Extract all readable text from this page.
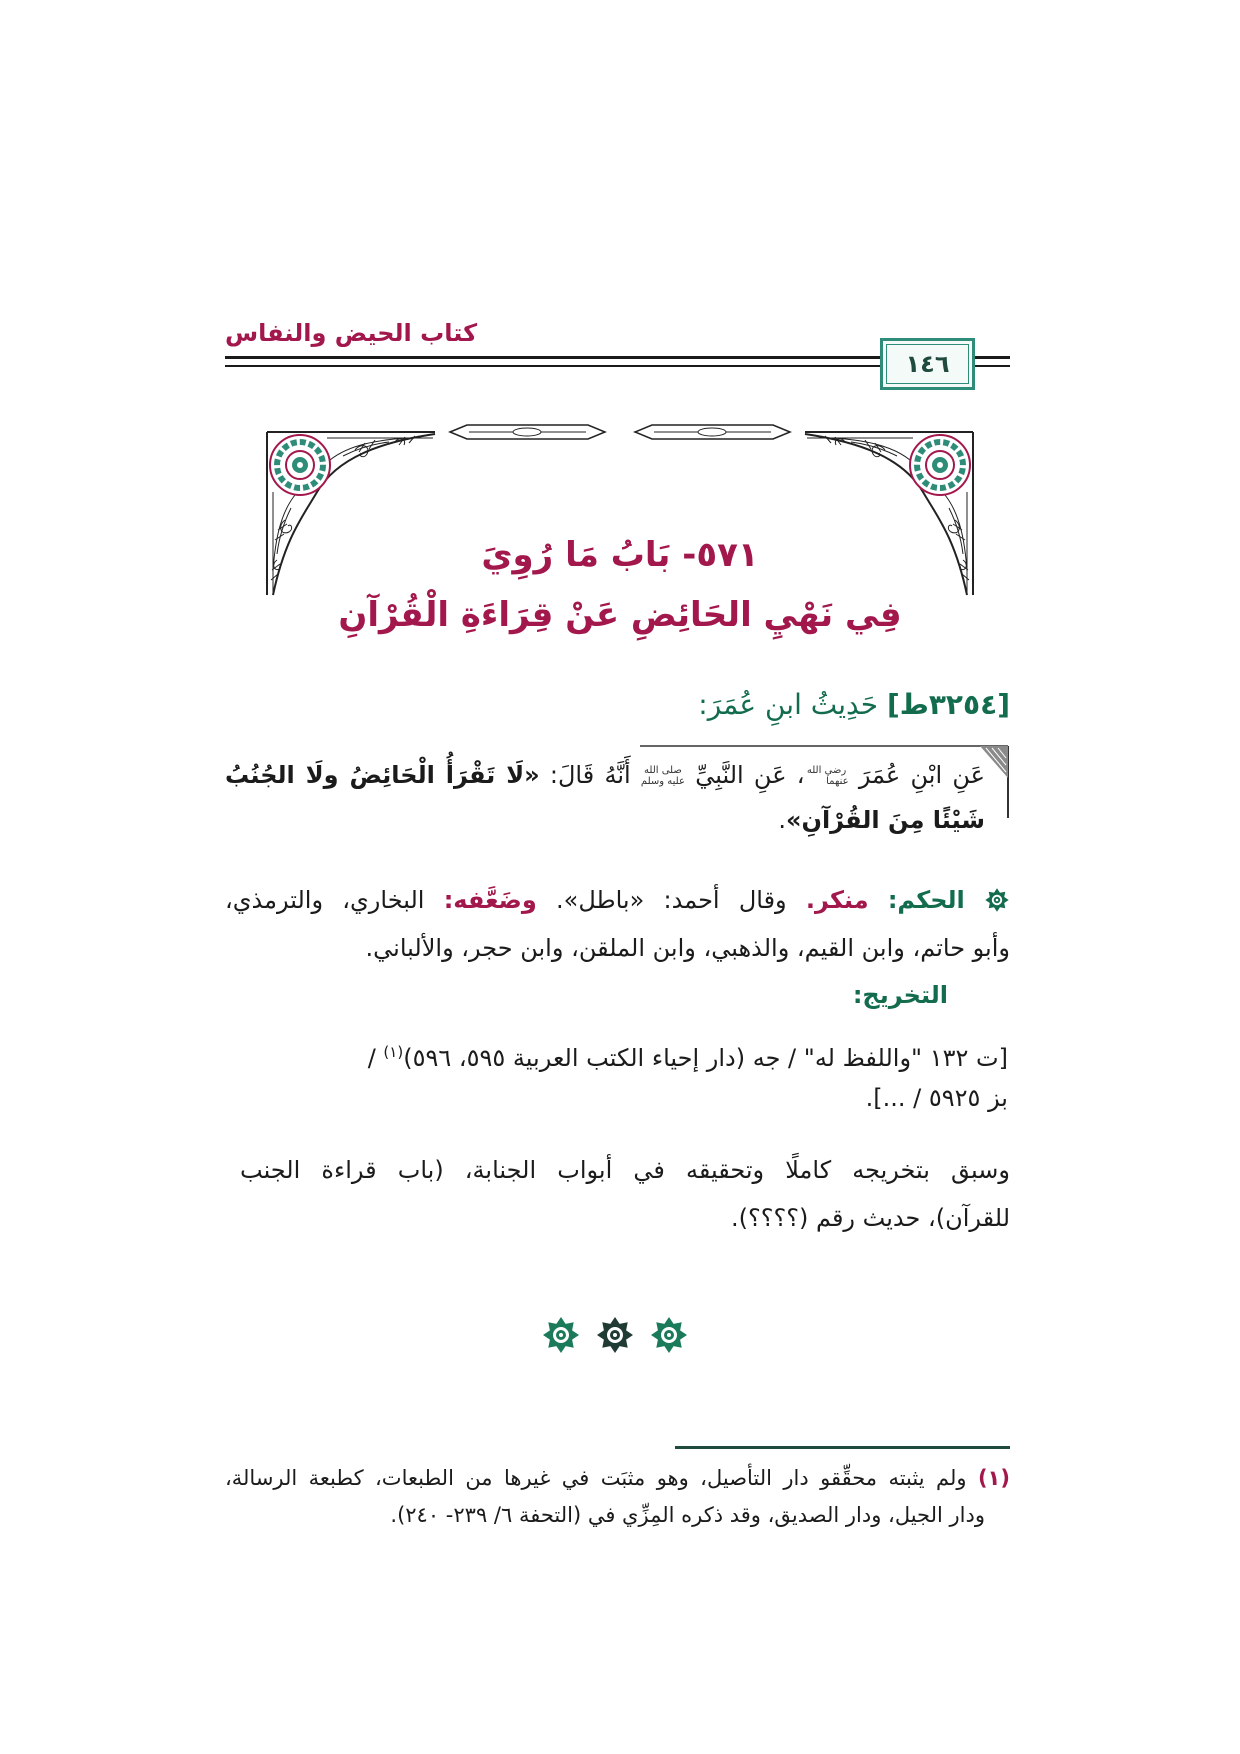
كتاب الحيض والنفاس
١٤٦
٥٧١- بَابُ مَا رُوِيَ
فِي نَهْيِ الحَائِضِ عَنْ قِرَاءَةِ الْقُرْآنِ
[٣٢٥٤ط] حَدِيثُ ابنِ عُمَرَ:
عَنِ ابْنِ عُمَرَ رضي الله عنهما، عَنِ النَّبِيِّ صلى الله عليه وسلم أَنَّهُ قَالَ: «لَا تَقْرَأُ الْحَائِضُ ولَا الجُنُبُ
شَيْئًا مِنَ القُرْآنِ».
الحكم: منكر. وقال أحمد: «باطل». وضَعَّفه: البخاري، والترمذي،
وأبو حاتم، وابن القيم، والذهبي، وابن الملقن، وابن حجر، والألباني.
التخريج:
[ت ١٣٢ "واللفظ له" / جه (دار إحياء الكتب العربية ٥٩٥، ٥٩٦)$^{(١)}$ /
بز ٥٩٢٥ / ...].
وسبق بتخريجه كاملًا وتحقيقه في أبواب الجنابة، (باب قراءة الجنب
للقرآن)، حديث رقم (؟؟؟؟).
(١) ولم يثبته محقِّقو دار التأصيل، وهو مثبَت في غيرها من الطبعات، كطبعة الرسالة،
ودار الجيل، ودار الصديق، وقد ذكره المِزِّي في (التحفة ٦/ ٢٣٩- ٢٤٠).
